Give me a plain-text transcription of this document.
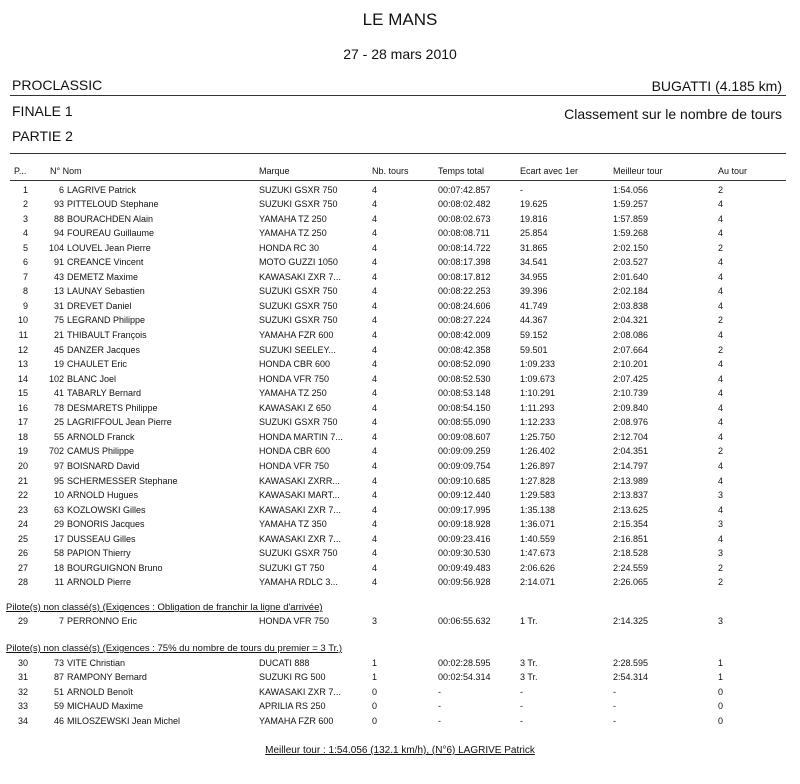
LE MANS
27 - 28 mars 2010
PROCLASSIC
FINALE 1
PARTIE 2
BUGATTI (4.185 km)
Classement sur le nombre de tours
P...	N° Nom	Marque	Nb. tours	Temps total	Ecart avec 1er	Meilleur tour	Au tour
1	6 LAGRIVE Patrick	SUZUKI GSXR 750	4	00:07:42.857	-	1:54.056	2
2	93 PITTELOUD Stephane	SUZUKI GSXR 750	4	00:08:02.482	19.625	1:59.257	4
3	88 BOURACHDEN Alain	YAMAHA TZ 250	4	00:08:02.673	19.816	1:57.859	4
4	94 FOUREAU Guillaume	YAMAHA TZ 250	4	00:08:08.711	25.854	1:59.268	4
5	104 LOUVEL Jean Pierre	HONDA RC 30	4	00:08:14.722	31.865	2:02.150	2
6	91 CREANCE Vincent	MOTO GUZZI 1050	4	00:08:17.398	34.541	2:03.527	4
7	43 DEMETZ Maxime	KAWASAKI ZXR 7...	4	00:08:17.812	34.955	2:01.640	4
8	13 LAUNAY Sebastien	SUZUKI GSXR 750	4	00:08:22.253	39.396	2:02.184	4
9	31 DREVET Daniel	SUZUKI GSXR 750	4	00:08:24.606	41.749	2:03.838	4
10	75 LEGRAND Philippe	SUZUKI GSXR 750	4	00:08:27.224	44.367	2:04.321	2
11	21 THIBAULT François	YAMAHA FZR 600	4	00:08:42.009	59.152	2:08.086	4
12	45 DANZER Jacques	SUZUKI SEELEY...	4	00:08:42.358	59.501	2:07.664	2
13	19 CHAULET Eric	HONDA CBR 600	4	00:08:52.090	1:09.233	2:10.201	4
14	102 BLANC Joel	HONDA VFR 750	4	00:08:52.530	1:09.673	2:07.425	4
15	41 TABARLY Bernard	YAMAHA TZ 250	4	00:08:53.148	1:10.291	2:10.739	4
16	78 DESMARETS Philippe	KAWASAKI Z 650	4	00:08:54.150	1:11.293	2:09.840	4
17	25 LAGRIFFOUL Jean Pierre	SUZUKI GSXR 750	4	00:08:55.090	1:12.233	2:08.976	4
18	55 ARNOLD Franck	HONDA MARTIN 7...	4	00:09:08.607	1:25.750	2:12.704	4
19	702 CAMUS Philippe	HONDA CBR 600	4	00:09:09.259	1:26.402	2:04.351	2
20	97 BOISNARD David	HONDA VFR 750	4	00:09:09.754	1:26.897	2:14.797	4
21	95 SCHERMESSER Stephane	KAWASAKI ZXRR...	4	00:09:10.685	1:27.828	2:13.989	4
22	10 ARNOLD Hugues	KAWASAKI MART...	4	00:09:12.440	1:29.583	2:13.837	3
23	63 KOZLOWSKI Gilles	KAWASAKI ZXR 7...	4	00:09:17.995	1:35.138	2:13.625	4
24	29 BONORIS Jacques	YAMAHA TZ 350	4	00:09:18.928	1:36.071	2:15.354	3
25	17 DUSSEAU Gilles	KAWASAKI ZXR 7...	4	00:09:23.416	1:40.559	2:16.851	4
26	58 PAPION Thierry	SUZUKI GSXR 750	4	00:09:30.530	1:47.673	2:18.528	3
27	18 BOURGUIGNON Bruno	SUZUKI GT 750	4	00:09:49.483	2:06.626	2:24.559	2
28	11 ARNOLD Pierre	YAMAHA RDLC 3...	4	00:09:56.928	2:14.071	2:26.065	2
Pilote(s) non classé(s) (Exigences : Obligation de franchir la ligne d'arrivée)
29	7 PERRONNO Eric	HONDA VFR 750	3	00:06:55.632	1 Tr.	2:14.325	3
Pilote(s) non classé(s) (Exigences : 75% du nombre de tours du premier = 3 Tr.)
30	73 VITE Christian	DUCATI 888	1	00:02:28.595	3 Tr.	2:28.595	1
31	87 RAMPONY Bernard	SUZUKI RG 500	1	00:02:54.314	3 Tr.	2:54.314	1
32	51 ARNOLD Benoît	KAWASAKI ZXR 7...	0	-	-	-	0
33	59 MICHAUD Maxime	APRILIA RS 250	0	-	-	-	0
34	46 MILOSZEWSKI Jean Michel	YAMAHA FZR 600	0	-	-	-	0
Meilleur tour : 1:54.056 (132.1 km/h), (N°6) LAGRIVE Patrick
